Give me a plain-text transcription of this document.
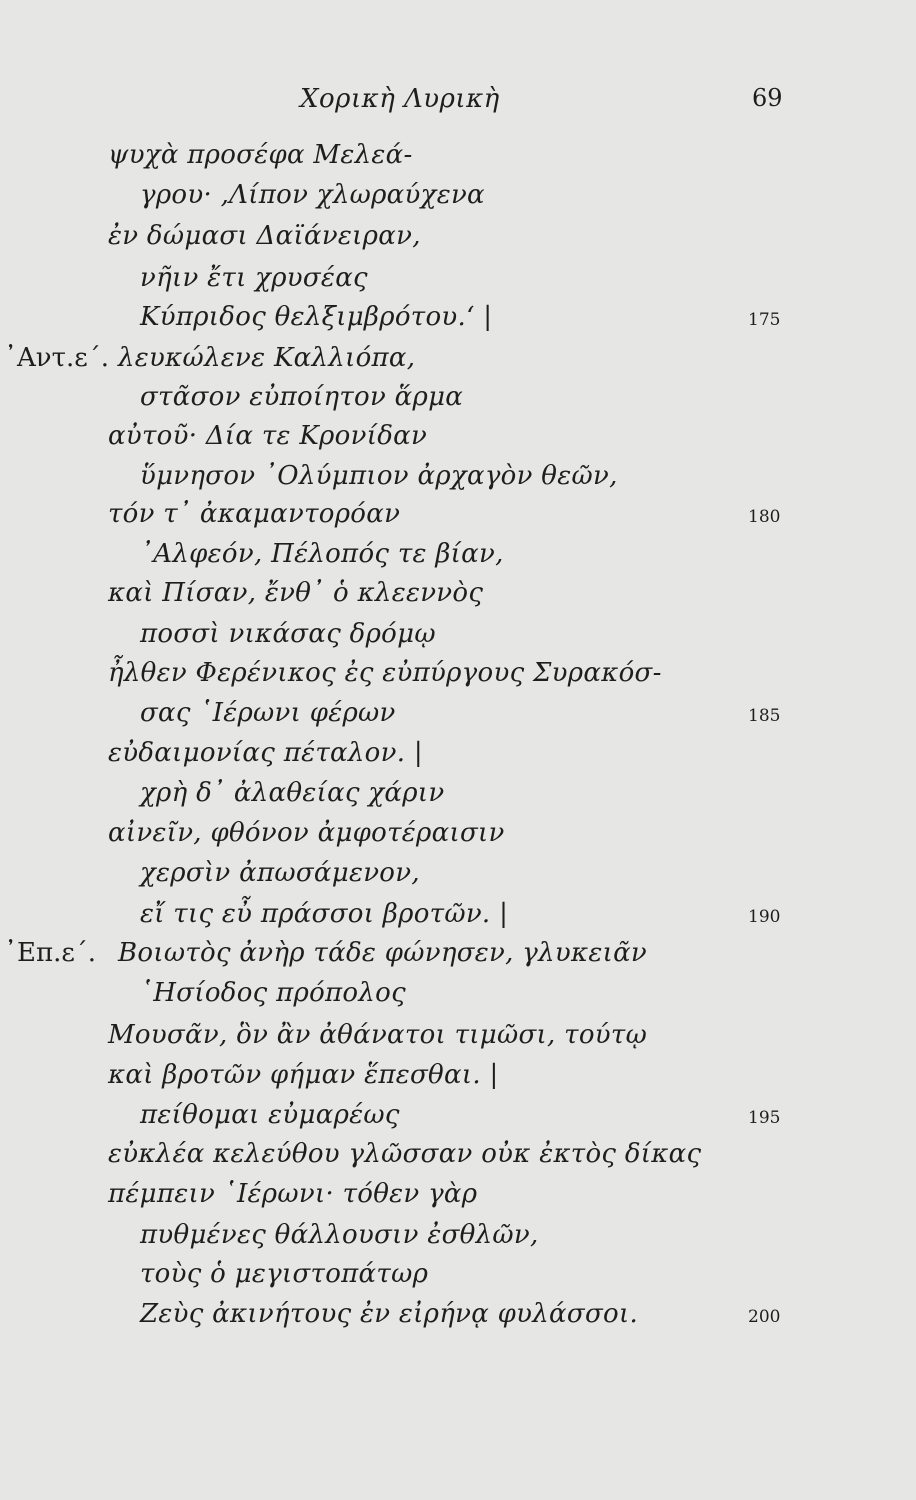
Χορικὴ Λυρικὴ	69
ψυχὰ προσέφα Μελεά-
γρου· ,Λίπον χλωραύχενα
ἐν δώμασι Δαϊάνειραν,
νῆιν ἔτι χρυσέας
Κύπριδος θελξιμβρότου.‘ |	175
᾿Αντ.ε΄. λευκώλενε Καλλιόπα,
στᾶσον εὐποίητον ἅρμα
αὐτοῦ· Δία τε Κρονίδαν
ὕμνησον ᾿Ολύμπιον ἀρχαγὸν θεῶν,
τόν τ᾿ ἀκαμαντορόαν	180
᾿Αλφεόν, Πέλοπός τε βίαν,
καὶ Πίσαν, ἔνθ᾿ ὁ κλεεννὸς
ποσσὶ νικάσας δρόμῳ
ἦλθεν Φερένικος ἐς εὐπύργους Συρακόσ-
σας ῾Ιέρωνι φέρων	185
εὐδαιμονίας πέταλον. |
χρὴ δ᾿ ἀλαθείας χάριν
αἰνεῖν, φθόνον ἀμφοτέραισιν
χερσὶν ἀπωσάμενον,
εἴ τις εὖ πράσσοι βροτῶν. |	190
᾿Επ.ε΄. Βοιωτὸς ἀνὴρ τάδε φώνησεν, γλυκειᾶν
῾Ησίοδος πρόπολος
Μουσᾶν, ὃν ἂν ἀθάνατοι τιμῶσι, τούτῳ
καὶ βροτῶν φήμαν ἕπεσθαι. |
πείθομαι εὐμαρέως	195
εὐκλέα κελεύθου γλῶσσαν οὐκ ἐκτὸς δίκας
πέμπειν ῾Ιέρωνι· τόθεν γὰρ
πυθμένες θάλλουσιν ἐσθλῶν,
τοὺς ὁ μεγιστοπάτωρ
Ζεὺς ἀκινήτους ἐν εἰρήνᾳ φυλάσσοι.	200
